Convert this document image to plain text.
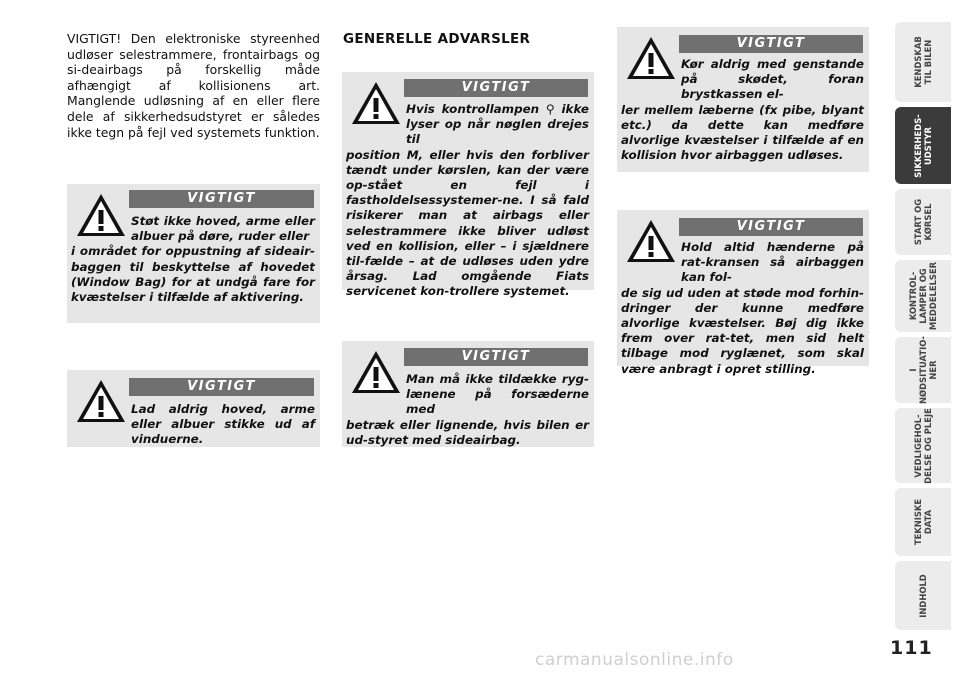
VIGTIGT! Den elektroniske styreenhed udløser selestrammere, frontairbags og si-deairbags på forskellig måde afhængigt af kollisionens art. Manglende udløsning af en eller flere dele af sikkerhedsudstyret er således ikke tegn på fejl ved systemets funktion.
GENERELLE ADVARSLER
VIGTIGT
Støt ikke hoved, arme eller albuer på døre, ruder eller
i området for oppustning af sideair-baggen til beskyttelse af hovedet (Window Bag) for at undgå fare for kvæstelser i tilfælde af aktivering.
VIGTIGT
Lad aldrig hoved, arme eller albuer stikke ud af vinduerne.
VIGTIGT
Hvis kontrollampen ⚲ ikke lyser op når nøglen drejes til
position M, eller hvis den forbliver tændt under kørslen, kan der være op-stået en fejl i fastholdelsessystemer-ne. I så fald risikerer man at airbags eller selestrammere ikke bliver udløst ved en kollision, eller – i sjældnere til-fælde – at de udløses uden ydre årsag. Lad omgående Fiats servicenet kon-trollere systemet.
VIGTIGT
Man må ikke tildække ryg-lænene på forsæderne med
betræk eller lignende, hvis bilen er ud-styret med sideairbag.
VIGTIGT
Kør aldrig med genstande på skødet, foran brystkassen el-
ler mellem læberne (fx pibe, blyant etc.) da dette kan medføre alvorlige kvæstelser i tilfælde af en kollision hvor airbaggen udløses.
VIGTIGT
Hold altid hænderne på rat-kransen så airbaggen kan fol-
de sig ud uden at støde mod forhin-dringer der kunne medføre alvorlige kvæstelser. Bøj dig ikke frem over rat-tet, men sid helt tilbage mod ryglænet, som skal være anbragt i opret stilling.
KENDSKAB
TIL BILEN
SIKKERHEDS-
UDSTYR
START OG
KØRSEL
KONTROL-
LAMPER OG
MEDDELELSER
I
NØDSITUATIO-
NER
VEDLIGEHOL-
DELSE OG PLEJE
TEKNISKE
DATA
INDHOLD
111
carmanualsonline.info
